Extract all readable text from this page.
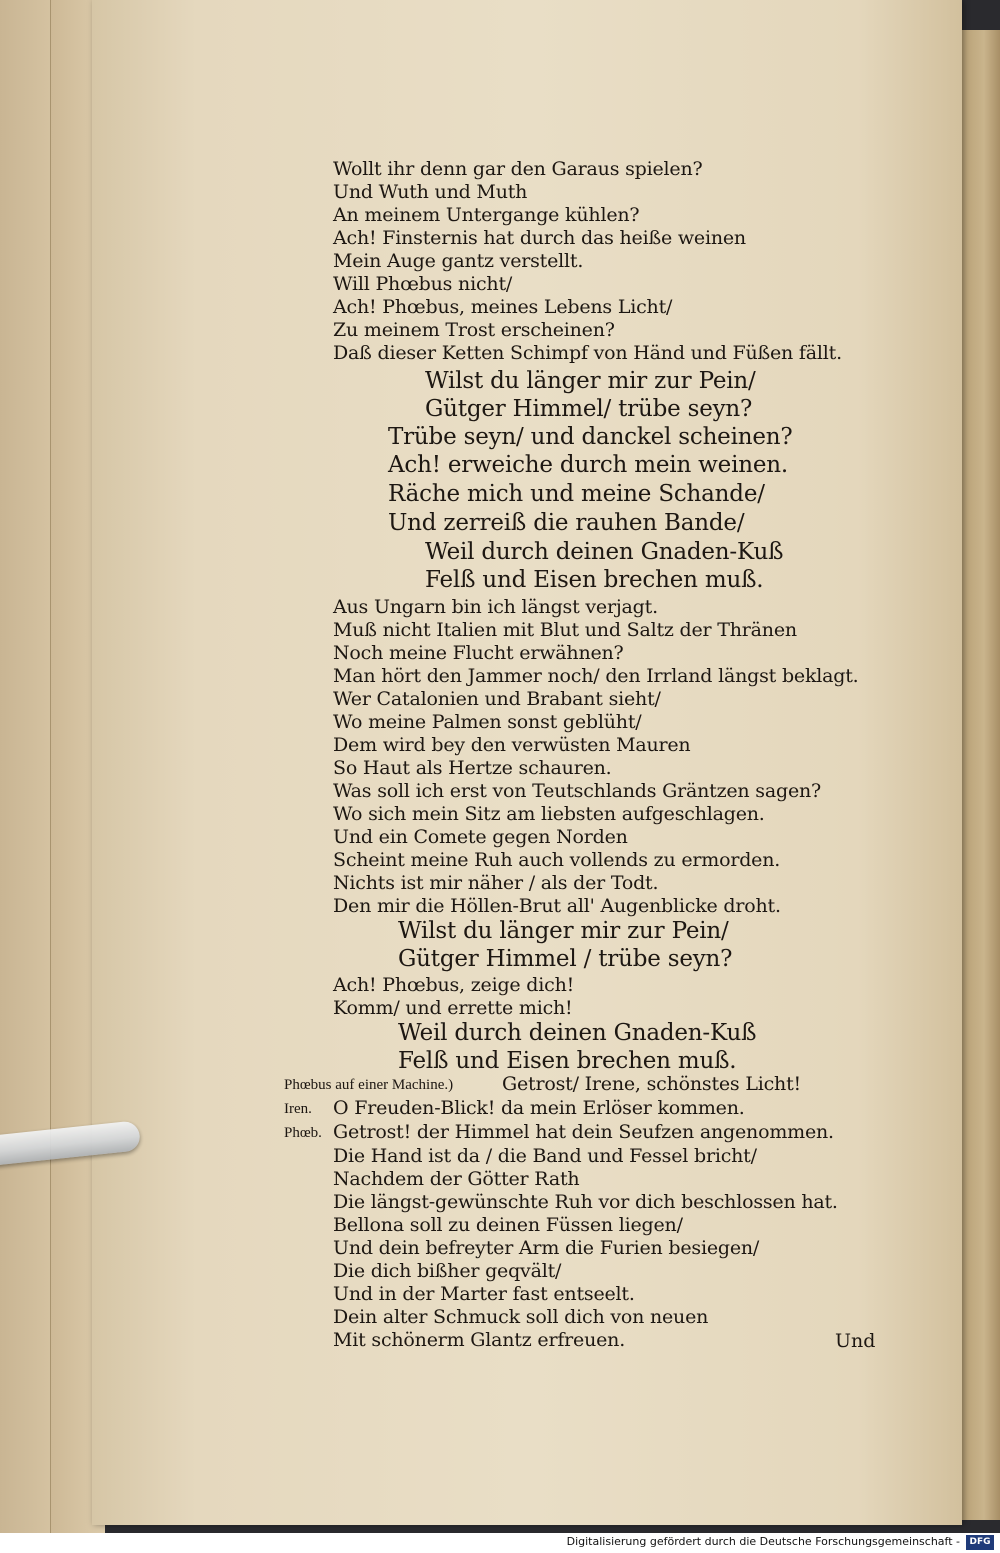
Wollt ihr denn gar den Garaus spielen?
Und Wuth und Muth
An meinem Untergange kühlen?
Ach! Finsternis hat durch das heiße weinen
Mein Auge gantz verstellt.
Will Phœbus nicht/
Ach! Phœbus, meines Lebens Licht/
Zu meinem Trost erscheinen?
Daß dieser Ketten Schimpf von Händ und Füßen fällt.
Wilst du länger mir zur Pein/
Gütger Himmel/ trübe seyn?
Trübe seyn/ und danckel scheinen?
Ach! erweiche durch mein weinen.
Räche mich und meine Schande/
Und zerreiß die rauhen Bande/
Weil durch deinen Gnaden-Kuß
Felß und Eisen brechen muß.
Aus Ungarn bin ich längst verjagt.
Muß nicht Italien mit Blut und Saltz der Thränen
Noch meine Flucht erwähnen?
Man hört den Jammer noch/ den Irrland längst beklagt.
Wer Catalonien und Brabant sieht/
Wo meine Palmen sonst geblüht/
Dem wird bey den verwüsten Mauren
So Haut als Hertze schauren.
Was soll ich erst von Teutschlands Gräntzen sagen?
Wo sich mein Sitz am liebsten aufgeschlagen.
Und ein Comete gegen Norden
Scheint meine Ruh auch vollends zu ermorden.
Nichts ist mir näher / als der Todt.
Den mir die Höllen-Brut all' Augenblicke droht.
Wilst du länger mir zur Pein/
Gütger Himmel / trübe seyn?
Ach! Phœbus, zeige dich!
Komm/ und errette mich!
Weil durch deinen Gnaden-Kuß
Felß und Eisen brechen muß.
Phœbus auf einer Machine.)	Getrost/ Irene, schönstes Licht!
Iren. O Freuden-Blick! da mein Erlöser kommen.
Phœb. Getrost! der Himmel hat dein Seufzen angenommen.
Die Hand ist da / die Band und Fessel bricht/
Nachdem der Götter Rath
Die längst-gewünschte Ruh vor dich beschlossen hat.
Bellona soll zu deinen Füssen liegen/
Und dein befreyter Arm die Furien besiegen/
Die dich bißher geqvält/
Und in der Marter fast entseelt.
Dein alter Schmuck soll dich von neuen
Mit schönerm Glantz erfreuen.	Und
Digitalisierung gefördert durch die Deutsche Forschungsgemeinschaft -	DFG
